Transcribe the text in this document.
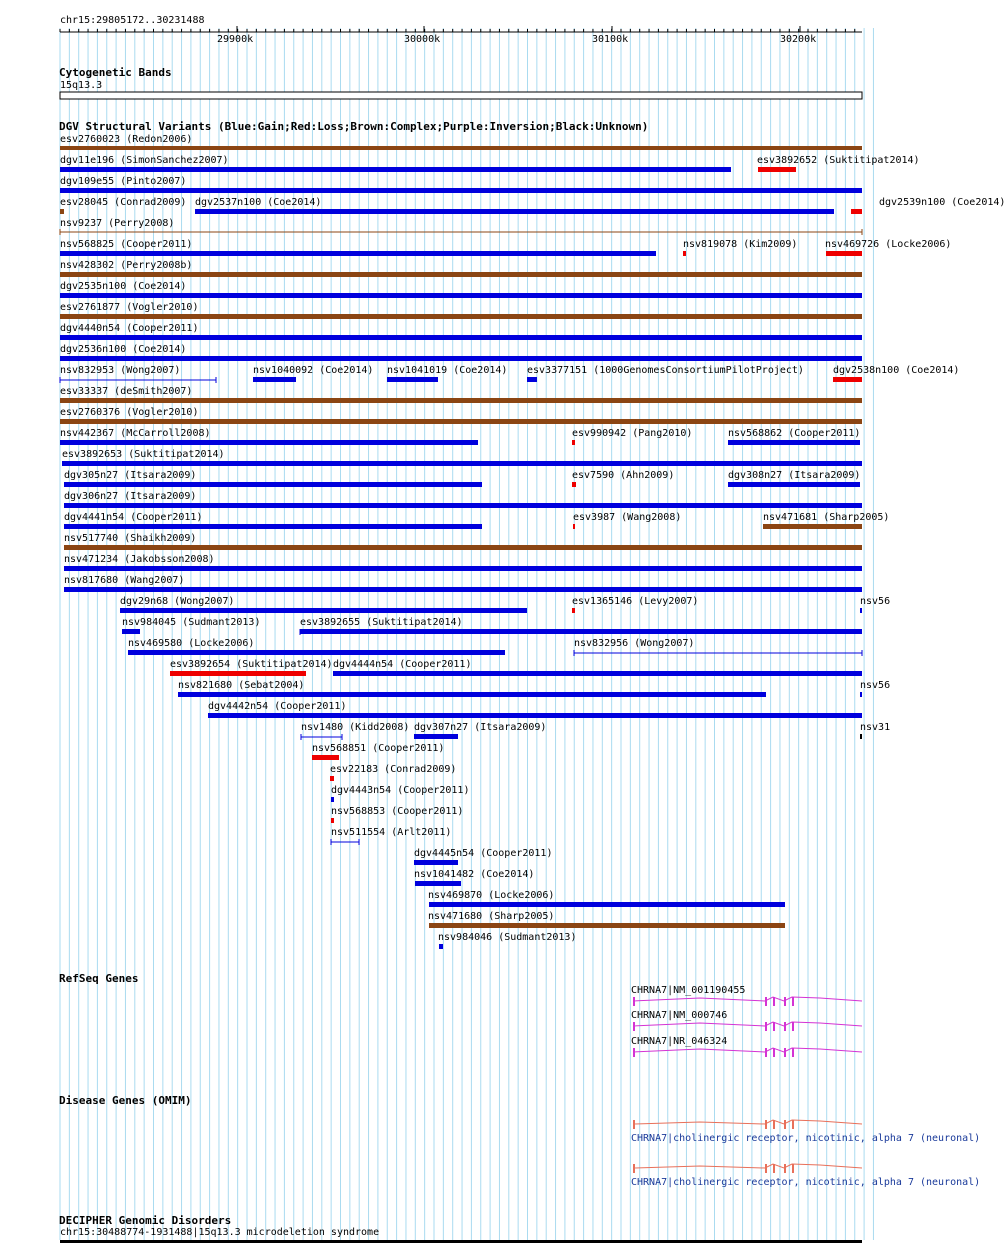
chr15:29805172..30231488
29900k	30000k	30100k	30200k
Cytogenetic Bands
15q13.3
DGV Structural Variants (Blue:Gain;Red:Loss;Brown:Complex;Purple:Inversion;Black:Unknown)
esv2760023 (Redon2006)
dgv11e196 (SimonSanchez2007)	esv3892652 (Suktitipat2014)
dgv109e55 (Pinto2007)
esv28045 (Conrad2009) dgv2537n100 (Coe2014)	dgv2539n100 (Coe2014)
nsv9237 (Perry2008)
nsv568825 (Cooper2011)	nsv819078 (Kim2009)	nsv469726 (Locke2006)
nsv428302 (Perry2008b)
dgv2535n100 (Coe2014)
esv2761877 (Vogler2010)
dgv4440n54 (Cooper2011)
dgv2536n100 (Coe2014)
nsv832953 (Wong2007)	nsv1040092 (Coe2014) nsv1041019 (Coe2014) esv3377151 (1000GenomesConsortiumPilotProject)	dgv2538n100 (Coe2014)
esv33337 (deSmith2007)
esv2760376 (Vogler2010)
nsv442367 (McCarroll2008)	esv990942 (Pang2010)	nsv568862 (Cooper2011)
esv3892653 (Suktitipat2014)
dgv305n27 (Itsara2009)	esv7590 (Ahn2009)	dgv308n27 (Itsara2009)
dgv306n27 (Itsara2009)
dgv4441n54 (Cooper2011)	esv3987 (Wang2008)	nsv471681 (Sharp2005)
nsv517740 (Shaikh2009)
nsv471234 (Jakobsson2008)
nsv817680 (Wang2007)
dgv29n68 (Wong2007)	esv1365146 (Levy2007)	nsv56
nsv984045 (Sudmant2013)	esv3892655 (Suktitipat2014)
nsv469580 (Locke2006)	nsv832956 (Wong2007)
esv3892654 (Suktitipat2014) dgv4444n54 (Cooper2011)
nsv821680 (Sebat2004)	nsv56
dgv4442n54 (Cooper2011)
nsv1480 (Kidd2008) dgv307n27 (Itsara2009)	nsv31
nsv568851 (Cooper2011)
esv22183 (Conrad2009)
dgv4443n54 (Cooper2011)
nsv568853 (Cooper2011)
nsv511554 (Arlt2011)
dgv4445n54 (Cooper2011)
nsv1041482 (Coe2014)
nsv469870 (Locke2006)
nsv471680 (Sharp2005)
nsv984046 (Sudmant2013)
RefSeq Genes
CHRNA7|NM_001190455
CHRNA7|NM_000746
CHRNA7|NR_046324
Disease Genes (OMIM)
CHRNA7|cholinergic receptor, nicotinic, alpha 7 (neuronal)
CHRNA7|cholinergic receptor, nicotinic, alpha 7 (neuronal)
DECIPHER Genomic Disorders
chr15:30488774-1931488|15q13.3 microdeletion syndrome
